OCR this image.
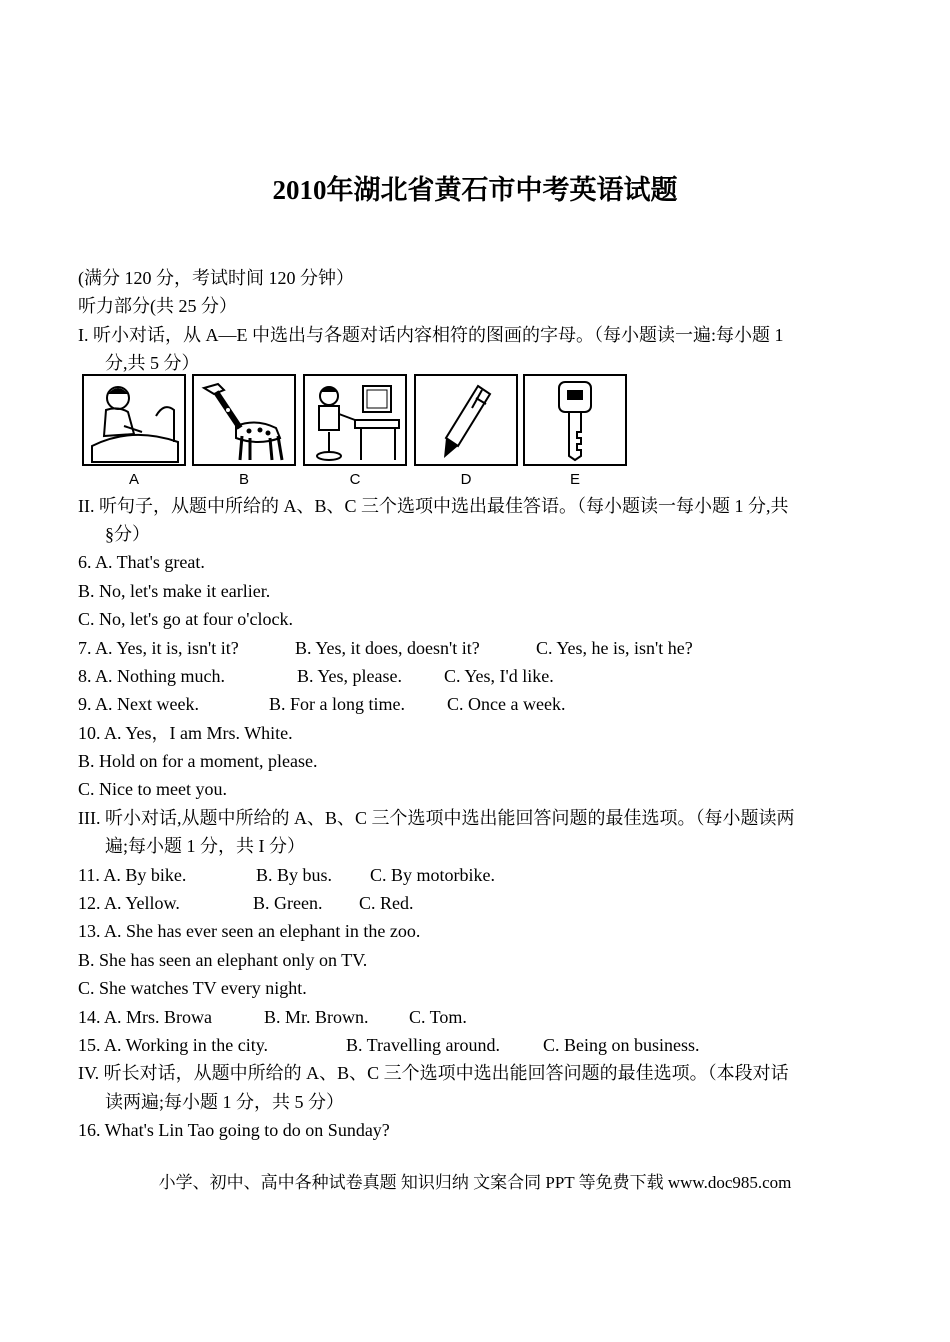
2010年湖北省黄石市中考英语试题
(满分 120 分，考试时间 120 分钟）
听力部分(共 25 分）
I. 听小对话，从 A—E 中选出与各题对话内容相符的图画的字母。（每小题读一遍:每小题 1
分,共 5 分）
II. 听句子，从题中所给的 A、B、C 三个选项中选出最佳答语。（每小题读一每小题 1 分,共
§分）
6. A. That's great.
B. No, let's make it earlier.
C. No, let's go at four o'clock.
7. A. Yes, it is, isn't it?	B. Yes, it does, doesn't it?	C. Yes, he is, isn't he?
8. A. Nothing much.	B. Yes, please. C. Yes, I'd like.
9. A. Next week.	B. For a long time. C. Once a week.
10. A. Yes，I am Mrs. White.
B. Hold on for a moment, please.
C. Nice to meet you.
III. 听小对话,从题中所给的 A、B、C 三个选项中选出能回答问题的最佳选项。（每小题读两
遍;每小题 1 分，共 I 分）
11. A. By bike.	B. By bus. C. By motorbike.
12. A. Yellow.	B. Green. C. Red.
13. A. She has ever seen an elephant in the zoo.
B. She has seen an elephant only on TV.
C. She watches TV every night.
14. A. Mrs. Browa	B. Mr. Brown. C. Tom.
15. A. Working in the city.	B. Travelling around. C. Being on business.
IV. 听长对话，从题中所给的 A、B、C 三个选项中选出能回答问题的最佳选项。（本段对话
读两遍;每小题 1 分，共 5 分）
16. What's Lin Tao going to do on Sunday?
A	B	C	D	E
小学、初中、高中各种试卷真题 知识归纳 文案合同 PPT 等免费下载 www.doc985.com
